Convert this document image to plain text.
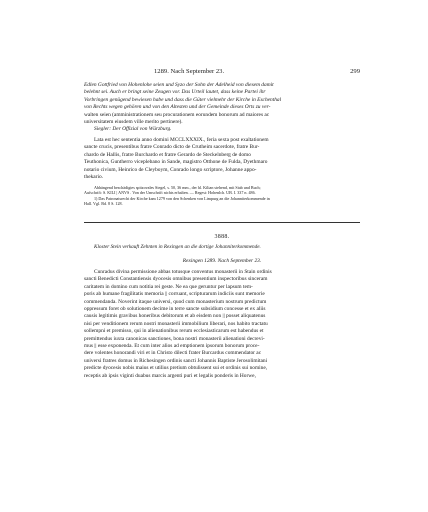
1289. Nach September 23.	299

Edlen Gottfried von Hohenlohe seien und Syzo der Sohn der Adelheid von diesem damit

belehnt sei. Auch er bringt seine Zeugen vor. Das Urteil lautet, dass keine Partei ihr

Vorbringen genügend bewiesen habe und dass die Güter vielmehr der Kirche in Eschenthal

von Rechts wegen gehören und von den Altesten und der Gemeinde dieses Orts zu ver-

walten seien (amministrationem seu procurationem eorundem bonorum ad maiores ac

universitatem eiusdem ville merito pertinere).

Siegler: Der Offizial von Würzburg.

Lata est hec sententia anno domini MCCLXXXIX., feria sexta post exaltationem

sancte crucis, presentibus fratre Conrado dicto de Crutheim sacerdote, fratre Bur-

chardo de Hallis, fratre Burchardo et fratre Gerardo de Steckelnberg de domo

Teuthonica, Guntherro viceplebano in Sande, magistro Otthone de Fulda, Dyethmaro

notario civium, Heinrico de Cleyboym, Conrado longo scriptore, Johanne appo-

thekario.

Abhängend beschädigtes spitzovales Siegel, s. 50, 36 mm., der hl. Kilian stehend, mit Stab und Buch;

Aufschrift: S. KILI | ANVS . Von der Umschrift nichts erhalten. — Regest: Hohenlch. UB. I. 337 n. 486.

1) Das Patronatsrecht der Kirche kam 1279 von den Schenken von Limpurg an die Johanniterkommende in

Hall. Vgl. Bd. 8 S. 128.

3888.
Kloster Stein verkauft Zehnten in Rexingen an die dortige Johanniterkommende.
Rexingen 1289. Nach September 23.

Cunradus divina permissione abbas totusque conventus monasterii in Stain ordinis

sancti Benedicti Constantiensis dyocesis omnibus presentium inspectoribus sinceram

caritatem in domino cum notitia rei geste. Ne ea que geruntur per lapsum tem-

poris ab humane fragilitatis memoria || corruant, scripturarum indiciis sunt memorie

commendanda. Noverint itaque universi, quod cum monasterium nostrum predictum

oppressum foret ob solutionem decime in terre sancte subsidium concesse et ex aliis

causis legitimis gravibus honeribus debitorum et ab eisdem non || posset aliquatenus

nisi per venditionem rerum nostri monasterii immobilium liberari, nos habito tractatu

sollempni et premisso, qui in alienationibus rerum ecclesiasticarum est habendus et

premittendus iuxta canonicas sanctiones, bona nostri monasterii alienationi decrevi-

mus || esse exponenda. Et cum inter alios ad emptionem ipsorum bonorum proce-

dere volentes honorandi viri et in Christo dilecti frater Burcardus commendator ac

universi fratres domus in Richesingen ordinis sancti Johannis Baptiste Jerosolimitani

predicte dyocesis nobis maius et utilius pretium obtulissent sui et ordinis sui nomine,

receptis ab ipsis viginti duabus marcis argenti puri et legalis ponderis in Horwe,
